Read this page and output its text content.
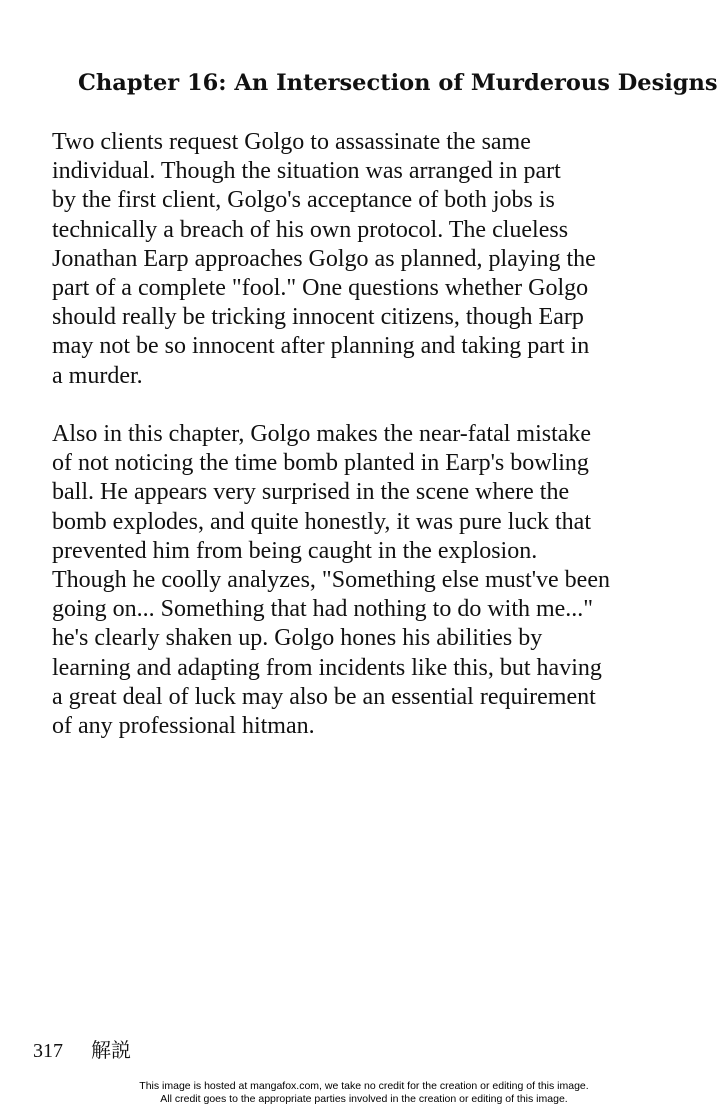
Chapter 16: An Intersection of Murderous Designs

Two clients request Golgo to assassinate the same
individual. Though the situation was arranged in part
by the first client, Golgo's acceptance of both jobs is
technically a breach of his own protocol. The clueless
Jonathan Earp approaches Golgo as planned, playing the
part of a complete "fool." One questions whether Golgo
should really be tricking innocent citizens, though Earp
may not be so innocent after planning and taking part in
a murder.

Also in this chapter, Golgo makes the near-fatal mistake
of not noticing the time bomb planted in Earp's bowling
ball. He appears very surprised in the scene where the
bomb explodes, and quite honestly, it was pure luck that
prevented him from being caught in the explosion.
Though he coolly analyzes, "Something else must've been
going on... Something that had nothing to do with me..."
he's clearly shaken up. Golgo hones his abilities by
learning and adapting from incidents like this, but having
a great deal of luck may also be an essential requirement
of any professional hitman.

317 解説
This image is hosted at mangafox.com, we take no credit for the creation or editing of this image.
All credit goes to the appropriate parties involved in the creation or editing of this image.
